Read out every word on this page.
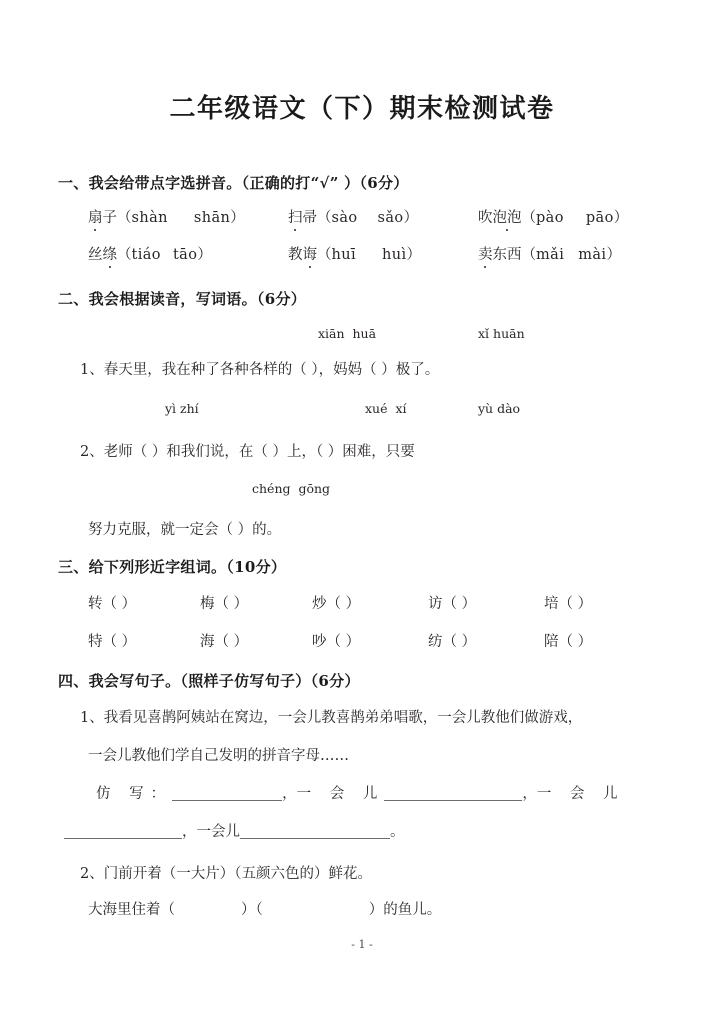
二年级语文（下）期末检测试卷
一、我会给带点字选拼音。（正确的打“√” ）（6分）
扇子（shàn shān）	扫帚（sào sǎo）	吹泡泡（pào pāo）
丝绦（tiáo tāo）	教诲（huī huì）	卖东西（mǎi mài）
二、我会根据读音，写词语。（6分）
xiān  huā	xǐ huān
1、春天里，我在种了各种各样的（ ），妈妈（ ）极了。
yì zhí	xué  xí	yù dào
2、老师（ ）和我们说，在（ ）上，（ ）困难，只要
chéng  gōng
努力克服，就一定会（ ）的。
三、给下列形近字组词。（10分）
转（ ）	梅（ ）	炒（ ）	访（ ）	培（ ）
特（ ）	海（ ）	吵（ ）	纺（ ）	陪（ ）
四、我会写句子。（照样子仿写句子）（6分）
1、我看见喜鹊阿姨站在窝边，一会儿教喜鹊弟弟唱歌，一会儿教他们做游戏，
一会儿教他们学自己发明的拼音字母……
仿 写：	，一 会 儿	，一 会 儿
，一会儿	。
2、门前开着（一大片）（五颜六色的）鲜花。
大海里住着（	）（	）的鱼儿。
- 1 -
